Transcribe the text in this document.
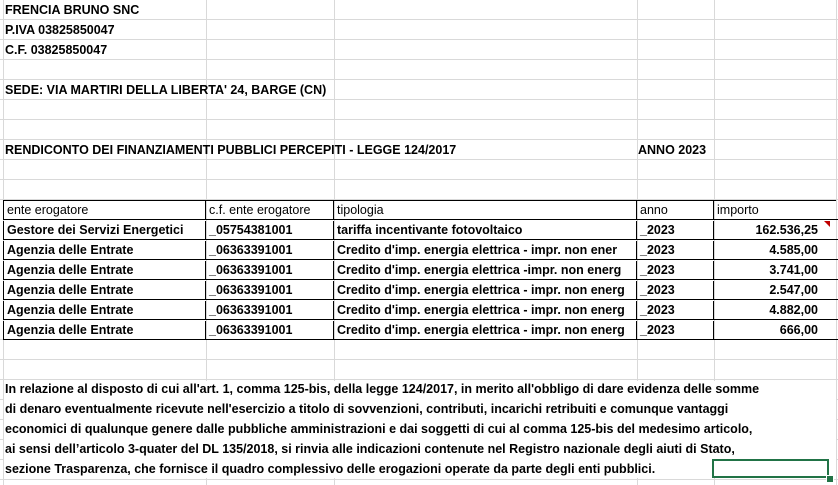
FRENCIA BRUNO SNC
P.IVA 03825850047
C.F. 03825850047
SEDE: VIA MARTIRI DELLA LIBERTA' 24, BARGE (CN)
RENDICONTO DEI FINANZIAMENTI PUBBLICI PERCEPITI - LEGGE 124/2017	ANNO 2023
ente erogatore	c.f. ente erogatore	tipologia	anno	importo
Gestore dei Servizi Energetici	_05754381001	tariffa incentivante fotovoltaico	_2023	162.536,25
Agenzia delle Entrate	_06363391001	Credito d'imp. energia elettrica - impr. non ener	_2023	4.585,00
Agenzia delle Entrate	_06363391001	Credito d'imp. energia elettrica -impr. non energ	_2023	3.741,00
Agenzia delle Entrate	_06363391001	Credito d'imp. energia elettrica - impr. non energ	_2023	2.547,00
Agenzia delle Entrate	_06363391001	Credito d'imp. energia elettrica - impr. non energ	_2023	4.882,00
Agenzia delle Entrate	_06363391001	Credito d'imp. energia elettrica - impr. non energ	_2023	666,00
In relazione al disposto di cui all'art. 1, comma 125-bis, della legge 124/2017, in merito all'obbligo di dare evidenza delle somme
di denaro eventualmente ricevute nell'esercizio a titolo di sovvenzioni, contributi, incarichi retribuiti e comunque vantaggi
economici di qualunque genere dalle pubbliche amministrazioni e dai soggetti di cui al comma 125-bis del medesimo articolo,
ai sensi dell’articolo 3-quater del DL 135/2018, si rinvia alle indicazioni contenute nel Registro nazionale degli aiuti di Stato,
sezione Trasparenza, che fornisce il quadro complessivo delle erogazioni operate da parte degli enti pubblici.
